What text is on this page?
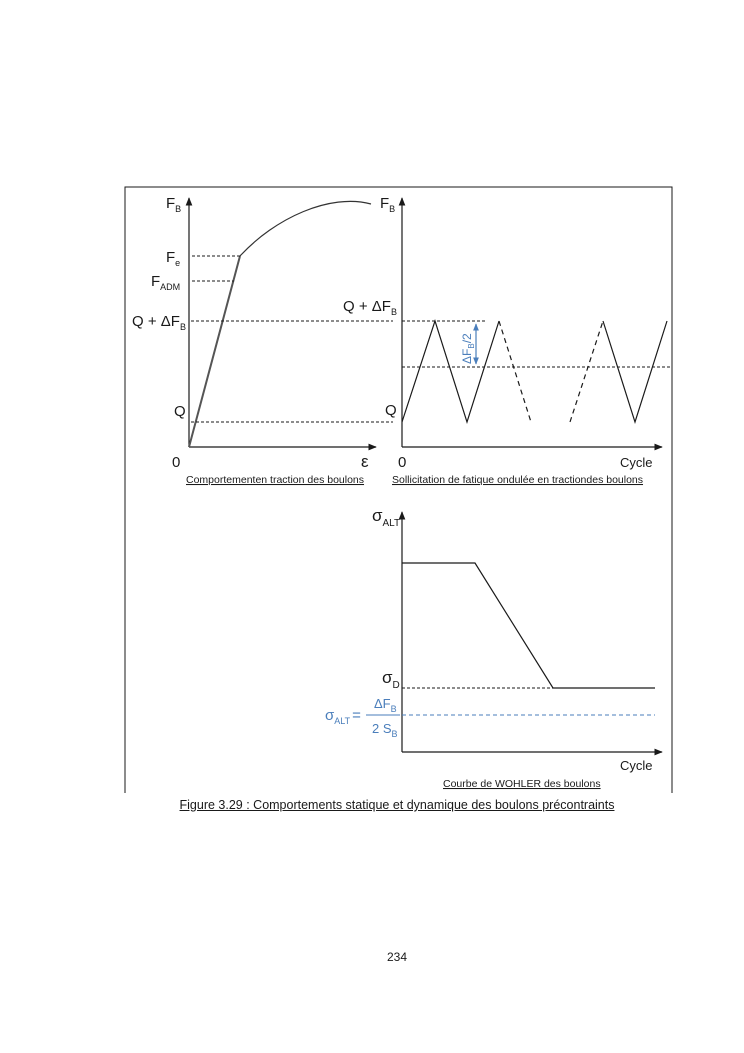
$F_B$
$F_e$
$F_{ADM}$
$Q + \Delta F_B$
Q
0	ε
Comportementen traction des boulons
$\Delta F_B/2$
$F_B$
$Q + \Delta F_B$
Q
0	Cycle
Sollicitation de fatique ondulée en tractiondes boulons
$\sigma_{ALT}$
$\sigma_D$
$\Delta F_B$
$\sigma_{ALT}$ =
2 $S_B$
Cycle
Courbe de WOHLER des boulons
Figure 3.29 : Comportements statique et dynamique des boulons précontraints
234
